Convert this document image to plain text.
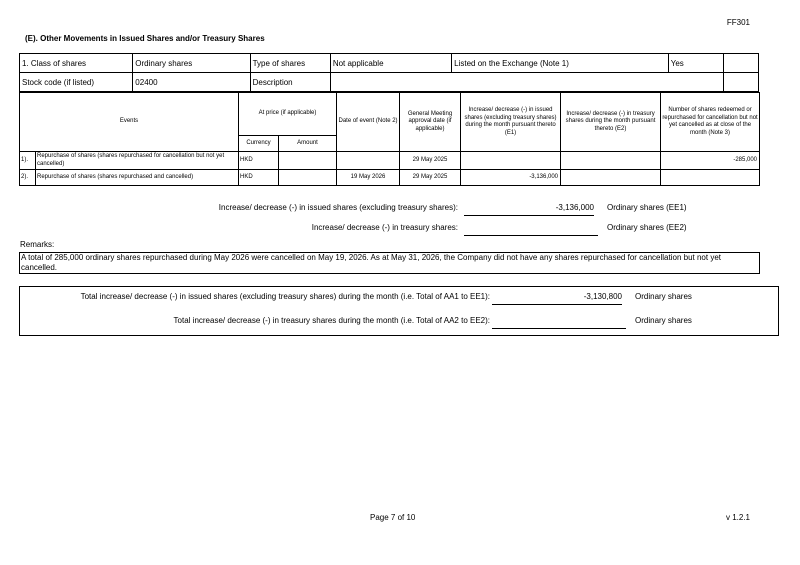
FF301
(E). Other Movements in Issued Shares and/or Treasury Shares
1. Class of shares	Ordinary shares	Type of shares	Not applicable	Listed on the Exchange (Note 1)	Yes	
Stock code (if listed)	02400	Description				
Events		At price (if applicable)		Date of event (Note 2)	General Meeting approval date (if applicable)	Increase/ decrease (-) in issued shares (excluding treasury shares) during the month pursuant thereto (E1)	Increase/ decrease (-) in treasury shares during the month pursuant thereto (E2)	Number of shares redeemed or repurchased for cancellation but not yet cancelled as at close of the month (Note 3)
		Currency	Amount					
1).	Repurchase of shares (shares repurchased for cancellation but not yet cancelled)	HKD			29 May 2025			-285,000
2).	Repurchase of shares (shares repurchased and cancelled)	HKD		19 May 2026	29 May 2025	-3,136,000		
Increase/ decrease (-) in issued shares (excluding treasury shares):	-3,136,000 Ordinary shares (EE1)
Increase/ decrease (-) in treasury shares:	Ordinary shares (EE2)
Remarks:
A total of 285,000 ordinary shares repurchased during May 2026 were cancelled on May 19, 2026. As at May 31, 2026, the Company did not have any shares repurchased for cancellation but not yet cancelled.
Total increase/ decrease (-) in issued shares (excluding treasury shares) during the month (i.e. Total of AA1 to EE1):	-3,130,800 Ordinary shares
Total increase/ decrease (-) in treasury shares during the month (i.e. Total of AA2 to EE2):	Ordinary shares
Page 7 of 10	v 1.2.1
